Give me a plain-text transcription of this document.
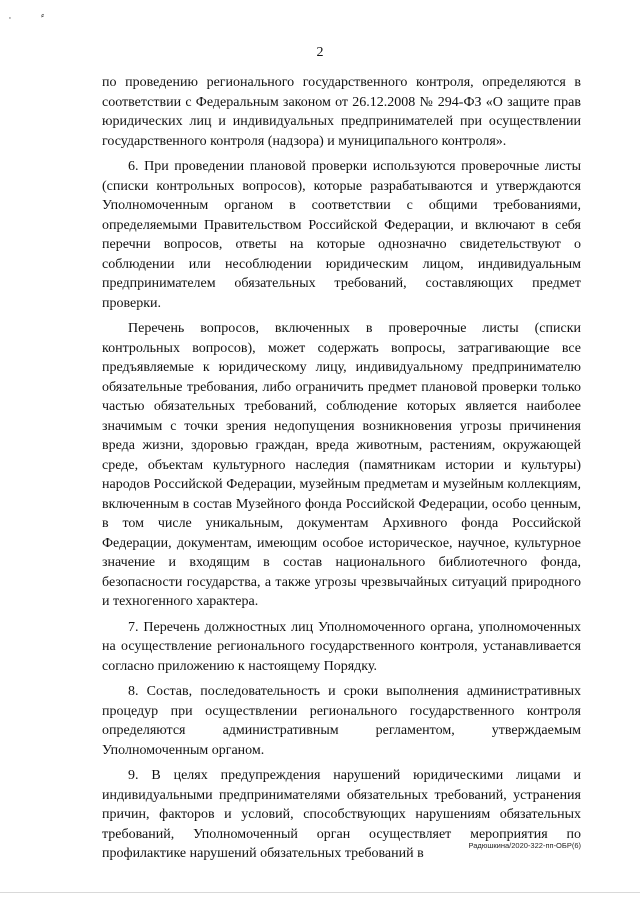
'	⸗
2

по проведению регионального государственного контроля, определяются в соответствии с Федеральным законом от 26.12.2008 № 294-ФЗ «О защите прав юридических лиц и индивидуальных предпринимателей при осуществлении государственного контроля (надзора) и муниципального контроля».

6. При проведении плановой проверки используются проверочные листы (списки контрольных вопросов), которые разрабатываются и утверждаются Уполномоченным органом в соответствии с общими требованиями, определяемыми Правительством Российской Федерации, и включают в себя перечни вопросов, ответы на которые однозначно свидетельствуют о соблюдении или несоблюдении юридическим лицом, индивидуальным предпринимателем обязательных требований, составляющих предмет проверки.

Перечень вопросов, включенных в проверочные листы (списки контрольных вопросов), может содержать вопросы, затрагивающие все предъявляемые к юридическому лицу, индивидуальному предпринимателю обязательные требования, либо ограничить предмет плановой проверки только частью обязательных требований, соблюдение которых является наиболее значимым с точки зрения недопущения возникновения угрозы причинения вреда жизни, здоровью граждан, вреда животным, растениям, окружающей среде, объектам культурного наследия (памятникам истории и культуры) народов Российской Федерации, музейным предметам и музейным коллекциям, включенным в состав Музейного фонда Российской Федерации, особо ценным, в том числе уникальным, документам Архивного фонда Российской Федерации, документам, имеющим особое историческое, научное, культурное значение и входящим в состав национального библиотечного фонда, безопасности государства, а также угрозы чрезвычайных ситуаций природного и техногенного характера.

7. Перечень должностных лиц Уполномоченного органа, уполномоченных на осуществление регионального государственного контроля, устанавливается согласно приложению к настоящему Порядку.

8. Состав, последовательность и сроки выполнения административных процедур при осуществлении регионального государственного контроля определяются административным регламентом, утверждаемым Уполномоченным органом.

9. В целях предупреждения нарушений юридическими лицами и индивидуальными предпринимателями обязательных требований, устранения причин, факторов и условий, способствующих нарушениям обязательных требований, Уполномоченный орган осуществляет мероприятия по профилактике нарушений обязательных требований в

Радюшкина/2020-322-пп-ОБР(6)
